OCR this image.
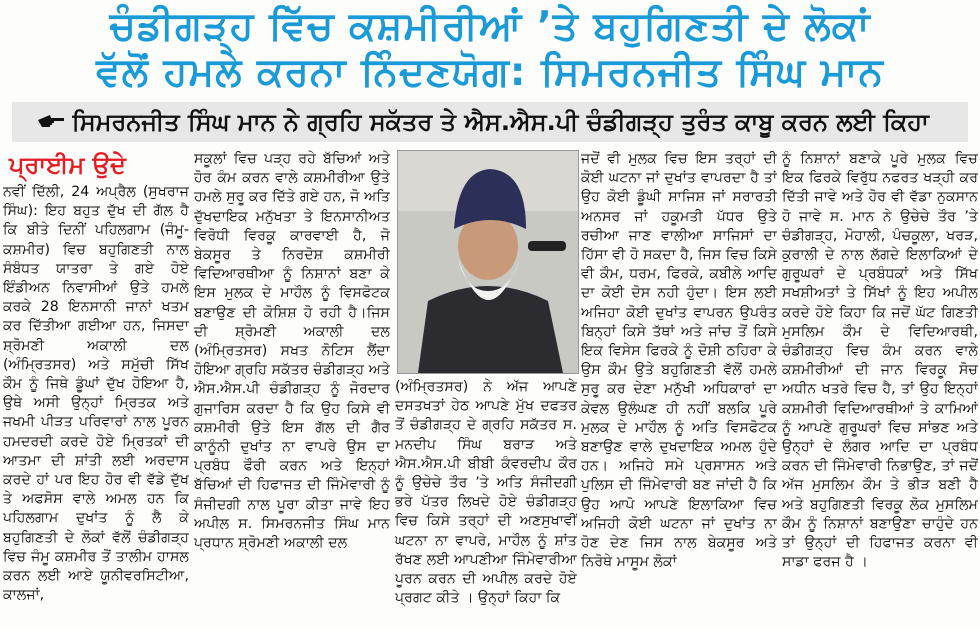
ਚੰਡੀਗੜ੍ਹ ਵਿੱਚ ਕਸ਼ਮੀਰੀਆਂ ’ਤੇ ਬਹੁਗਿਣਤੀ ਦੇ ਲੋਕਾਂ
ਵੱਲੋਂ ਹਮਲੇ ਕਰਨਾ ਨਿੰਦਣਯੋਗ: ਸਿਮਰਨਜੀਤ ਸਿੰਘ ਮਾਨ
ਸਿਮਰਨਜੀਤ ਸਿੰਘ ਮਾਨ ਨੇ ਗ੍ਰਹਿ ਸਕੱਤਰ ਤੇ ਐਸ.ਐਸ.ਪੀ ਚੰਡੀਗੜ੍ਹ ਤੁਰੰਤ ਕਾਬੂ ਕਰਨ ਲਈ ਕਿਹਾ
ਪ੍ਰਾਈਮ ਉਦੇ
ਨਵੀਂ ਦਿੱਲੀ, 24 ਅਪ੍ਰੈਲ (ਸੁਖਰਾਜ ਸਿੰਘ): ਇਹ ਬਹੁਤ ਦੁੱਖ ਦੀ ਗੱਲ ਹੈ ਕਿ ਬੀਤੇ ਦਿਨੀਂ ਪਹਿਲਗਾਮ (ਜੰਮੂ-ਕਸ਼ਮੀਰ) ਵਿਚ ਬਹੁਗਿਣਤੀ ਨਾਲ ਸੰਬੰਧਤ ਯਾਤਰਾ ਤੇ ਗਏ ਹੋਏ ਇੰਡੀਅਨ ਨਿਵਾਸੀਆਂ ਉਤੇ ਹਮਲੇ ਕਰਕੇ 28 ਇਨਸਾਨੀ ਜਾਨਾਂ ਖਤਮ ਕਰ ਦਿੱਤੀਆ ਗਈਆ ਹਨ, ਜਿਸਦਾ ਸ਼੍ਰੋਮਣੀ ਅਕਾਲੀ ਦਲ (ਅੰਮ੍ਰਿਤਸਰ) ਅਤੇ ਸਮੁੱਚੀ ਸਿੱਖ ਕੌਮ ਨੂੰ ਜਿਥੇ ਡੂੰਘਾਂ ਦੁੱਖ ਹੋਇਆ ਹੈ, ਉਥੇ ਅਸੀ ਉਨ੍ਹਾਂ ਮ੍ਰਿਤਕ ਅਤੇ ਜਖਮੀ ਪੀੜਤ ਪਰਿਵਾਰਾਂ ਨਾਲ ਪੂਰਨ ਹਮਦਰਦੀ ਕਰਦੇ ਹੋਏ ਮ੍ਰਿਤਕਾਂ ਦੀ ਆਤਮਾ ਦੀ ਸ਼ਾਂਤੀ ਲਈ ਅਰਦਾਸ ਕਰਦੇ ਹਾਂ ਪਰ ਇਹ ਹੋਰ ਵੀ ਵੱਡੇ ਦੁੱਖ ਤੇ ਅਫਸੋਸ ਵਾਲੇ ਅਮਲ ਹਨ ਕਿ ਪਹਿਲਗਾਮ ਦੁਖਾਂਤ ਨੂੰ ਲੈ ਕੇ ਬਹੁਗਿਣਤੀ ਦੇ ਲੋਕਾਂ ਵੱਲੋਂ ਚੰਡੀਗੜ੍ਹ ਵਿਚ ਜੰਮੂ ਕਸ਼ਮੀਰ ਤੋਂ ਤਾਲੀਮ ਹਾਸਲ ਕਰਨ ਲਈ ਆਏ ਯੂਨੀਵਰਸਿਟੀਆ, ਕਾਲਜਾਂ,
ਸਕੂਲਾਂ ਵਿਚ ਪੜ੍ਹ ਰਹੇ ਬੱਚਿਆਂ ਅਤੇ ਹੋਰ ਕੰਮ ਕਰਨ ਵਾਲੇ ਕਸ਼ਮੀਰੀਆ ਉਤੇ ਹਮਲੇ ਸੁਰੂ ਕਰ ਦਿੱਤੇ ਗਏ ਹਨ, ਜੋ ਅਤਿ ਦੁੱਖਦਾਇਕ ਮਨੁੱਖਤਾ ਤੇ ਇਨਸਾਨੀਅਤ ਵਿਰੋਧੀ ਵਿਰਕੂ ਕਾਰਵਾਈ ਹੈ, ਜੋ ਬੇਕਸੂਰ ਤੇ ਨਿਰਦੋਸ਼ ਕਸ਼ਮੀਰੀ ਵਿਦਿਆਰਥੀਆ ਨੂੰ ਨਿਸ਼ਾਨਾਂ ਬਣਾ ਕੇ ਇਸ ਮੁਲਕ ਦੇ ਮਾਹੌਲ ਨੂੰ ਵਿਸਫੋਟਕ ਬਣਾਉਣ ਦੀ ਕੋਸ਼ਿਸ਼ ਹੋ ਰਹੀ ਹੈ।ਜਿਸ ਦੀ ਸ਼੍ਰੋਮਣੀ ਅਕਾਲੀ ਦਲ (ਅੰਮ੍ਰਿਤਸਰ) ਸਖਤ ਨੋਟਿਸ ਲੈਂਦਾ ਹੋਇਆ ਗ੍ਰਹਿ ਸਕੱਤਰ ਚੰਡੀਗੜ੍ਹ ਅਤੇ ਐਸ.ਐਸ.ਪੀ ਚੰਡੀਗੜ੍ਹ ਨੂੰ ਜੋਰਦਾਰ ਗੁਜਾਰਿਸ ਕਰਦਾ ਹੈ ਕਿ ਉਹ ਕਿਸੇ ਵੀ ਕਸ਼ਮੀਰੀ ਉਤੇ ਇਸ ਗੱਲ ਦੀ ਗੈਰ ਕਾਨੂੰਨੀ ਦੁਖਾਂਤ ਨਾ ਵਾਪਰੇ ਉਸ ਦਾ ਪ੍ਰਬੰਧ ਫੌਰੀ ਕਰਨ ਅਤੇ ਇਨ੍ਹਾਂ ਬੱਚਿਆਂ ਦੀ ਹਿਫਾਜਤ ਦੀ ਜਿੰਮੇਵਾਰੀ ਨੂੰ ਸੰਜੀਦਗੀ ਨਾਲ ਪੂਰਾ ਕੀਤਾ ਜਾਵੇ ਇਹ ਅਪੀਲ ਸ. ਸਿਮਰਨਜੀਤ ਸਿੰਘ ਮਾਨ ਪ੍ਰਧਾਨ ਸ਼੍ਰੋਮਣੀ ਅਕਾਲੀ ਦਲ
(ਅੰਮ੍ਰਿਤਸਰ) ਨੇ ਅੱਜ ਆਪਣੇ ਦਸਤਖਤਾਂ ਹੇਠ ਆਪਣੇ ਮੁੱਖ ਦਫਤਰ ਤੋਂ ਚੰਡੀਗੜ੍ਹ ਦੇ ਗ੍ਰਹਿ ਸਕੱਤਰ ਸ. ਮਨਦੀਪ ਸਿੰਘ ਬਰਾੜ ਅਤੇ ਐਸ.ਐਸ.ਪੀ ਬੀਬੀ ਕੰਵਰਦੀਪ ਕੌਰ ਨੂੰ ਉਚੇਚੇ ਤੌਰ ’ਤੇ ਅਤਿ ਸੰਜੀਦਗੀ ਭਰੇ ਪੱਤਰ ਲਿਖਦੇ ਹੋਏ ਚੰਡੀਗੜ੍ਹ ਵਿਚ ਕਿਸੇ ਤਰ੍ਹਾਂ ਦੀ ਅਣਸੁਖਾਵੀਂ ਘਟਨਾ ਨਾ ਵਾਪਰੇ, ਮਾਹੌਲ ਨੂੰ ਸ਼ਾਂਤ ਰੱਖਣ ਲਈ ਆਪਣੀਆ ਜਿੰਮੇਵਾਰੀਆ ਪੂਰਨ ਕਰਨ ਦੀ ਅਪੀਲ ਕਰਦੇ ਹੋਏ ਪ੍ਰਗਟ ਕੀਤੇ । ਉਨ੍ਹਾਂ ਕਿਹਾ ਕਿ
ਜਦੋਂ ਵੀ ਮੁਲਕ ਵਿਚ ਇਸ ਤਰ੍ਹਾਂ ਦੀ ਕੋਈ ਘਟਨਾ ਜਾਂ ਦੁਖਾਂਤ ਵਾਪਰਦਾ ਹੈ ਤਾਂ ਉਹ ਕੋਈ ਡੂੰਘੀ ਸਾਜਿਸ਼ ਜਾਂ ਸਰਾਰਤੀ ਅਨਸਰ ਜਾਂ ਹਕੂਮਤੀ ਪੱਧਰ ਉਤੇ ਰਚੀਆ ਜਾਣ ਵਾਲੀਆ ਸਾਜਿਸਾਂ ਦਾ ਹਿੱਸਾ ਵੀ ਹੋ ਸਕਦਾ ਹੈ, ਜਿਸ ਵਿਚ ਕਿਸੇ ਵੀ ਕੌਮ, ਧਰਮ, ਫਿਰਕੇ, ਕਬੀਲੇ ਆਦਿ ਦਾ ਕੋਈ ਦੋਸ ਨਹੀ ਹੁੰਦਾ। ਇਸ ਲਈ ਅਜਿਹਾ ਕੋਈ ਦੁਖਾਂਤ ਵਾਪਰਨ ਉਪਰੰਤ ਬਿਨ੍ਹਾਂ ਕਿਸੇ ਤੱਥਾਂ ਅਤੇ ਜਾਂਚ ਤੋਂ ਕਿਸੇ ਇਕ ਵਿਸੇਸ ਫਿਰਕੇ ਨੂੰ ਦੋਸ਼ੀ ਠਹਿਰਾ ਕੇ ਉਸ ਕੌਮ ਉਤੇ ਬਹੁਗਿਣਤੀ ਵੱਲੋਂ ਹਮਲੇ ਸੁਰੂ ਕਰ ਦੇਣਾ ਮਨੁੱਖੀ ਅਧਿਕਾਰਾਂ ਦਾ ਕੇਵਲ ਉਲੰਘਣ ਹੀ ਨਹੀਂ ਬਲਕਿ ਪੂਰੇ ਮੁਲਕ ਦੇ ਮਾਹੌਲ ਨੂੰ ਅਤਿ ਵਿਸਫੋਟਕ ਬਣਾਉਣ ਵਾਲੇ ਦੁਖਦਾਇਕ ਅਮਲ ਹੁੰਦੇ ਹਨ। ਅਜਿਹੇ ਸਮੇ ਪ੍ਰਸਾਸਨ ਅਤੇ ਪੁਲਿਸ ਦੀ ਜਿੰਮੇਵਾਰੀ ਬਣ ਜਾਂਦੀ ਹੈ ਕਿ ਉਹ ਆਪੋ ਆਪਣੇ ਇਲਾਕਿਆ ਵਿਚ ਅਜਿਹੀ ਕੋਈ ਘਟਨਾ ਜਾਂ ਦੁਖਾਂਤ ਨਾ ਹੋਣ ਦੇਣ ਜਿਸ ਨਾਲ ਬੇਕਸੂਰ ਅਤੇ ਨਿਰੋਥੇ ਮਾਸੂਮ ਲੋਕਾਂ
ਨੂੰ ਨਿਸ਼ਾਨਾਂ ਬਣਾਕੇ ਪੂਰੇ ਮੁਲਕ ਵਿਚ ਇਕ ਫਿਰਕੇ ਵਿਰੁੱਧ ਨਫਰਤ ਖੜ੍ਹੀ ਕਰ ਦਿੱਤੀ ਜਾਵੇ ਅਤੇ ਹੋਰ ਵੀ ਵੱਡਾ ਨੁਕਸਾਨ ਹੋ ਜਾਵੇ ਸ. ਮਾਨ ਨੇ ਉਚੇਚੇ ਤੌਰ ’ਤੇ ਚੰਡੀਗੜ੍ਹ, ਮੋਹਾਲੀ, ਪੰਚਕੂਲਾ, ਖਰੜ, ਕੁਰਾਲੀ ਦੇ ਨਾਲ ਲੱਗਦੇ ਇਲਾਕਿਆਂ ਦੇ ਗੁਰੂਘਰਾਂ ਦੇ ਪ੍ਰਬੰਧਕਾਂ ਅਤੇ ਸਿੱਖ ਸਖਸ਼ੀਅਤਾਂ ਤੇ ਸਿੱਖਾਂ ਨੂੰ ਇਹ ਅਪੀਲ ਕਰਦੇ ਹੋਏ ਕਿਹਾ ਕਿ ਜਦੋਂ ਘੱਟ ਗਿਣਤੀ ਮੁਸਲਿਮ ਕੌਮ ਦੇ ਵਿਦਿਆਰਥੀ, ਚੰਡੀਗੜ੍ਹ ਵਿਚ ਕੰਮ ਕਰਨ ਵਾਲੇ ਕਸ਼ਮੀਰੀਆਂ ਦੀ ਜਾਨ ਵਿਰਕੂ ਸੋਚ ਅਧੀਨ ਖਤਰੇ ਵਿਚ ਹੈ, ਤਾਂ ਉਹ ਇਨ੍ਹਾਂ ਕਸ਼ਮੀਰੀ ਵਿਦਿਆਰਥੀਆਂ ਤੇ ਕਾਮਿਆਂ ਨੂੰ ਆਪਣੇ ਗੁਰੂਘਰਾਂ ਵਿਚ ਸਾਂਭਣ ਅਤੇ ਉਨ੍ਹਾਂ ਦੇ ਲੰਗਰ ਆਦਿ ਦਾ ਪ੍ਰਬੰਧ ਕਰਨ ਦੀ ਜਿੰਮੇਵਾਰੀ ਨਿਭਾਉਣ, ਤਾਂ ਜਦੋਂ ਅੱਜ ਮੁਸਲਿਮ ਕੌਮ ਤੇ ਭੀੜ ਬਣੀ ਹੈ ਅਤੇ ਬਹੁਗਿਣਤੀ ਵਿਰਕੂ ਲੋਕ ਮੁਸਲਿਮ ਕੌਮ ਨੂੰ ਨਿਸ਼ਾਨਾਂ ਬਣਾਉਣਾ ਚਾਹੁੰਦੇ ਹਨ ਤਾਂ ਉਨ੍ਹਾਂ ਦੀ ਹਿਫਾਜਤ ਕਰਨਾ ਵੀ ਸਾਡਾ ਫਰਜ ਹੈ ।
